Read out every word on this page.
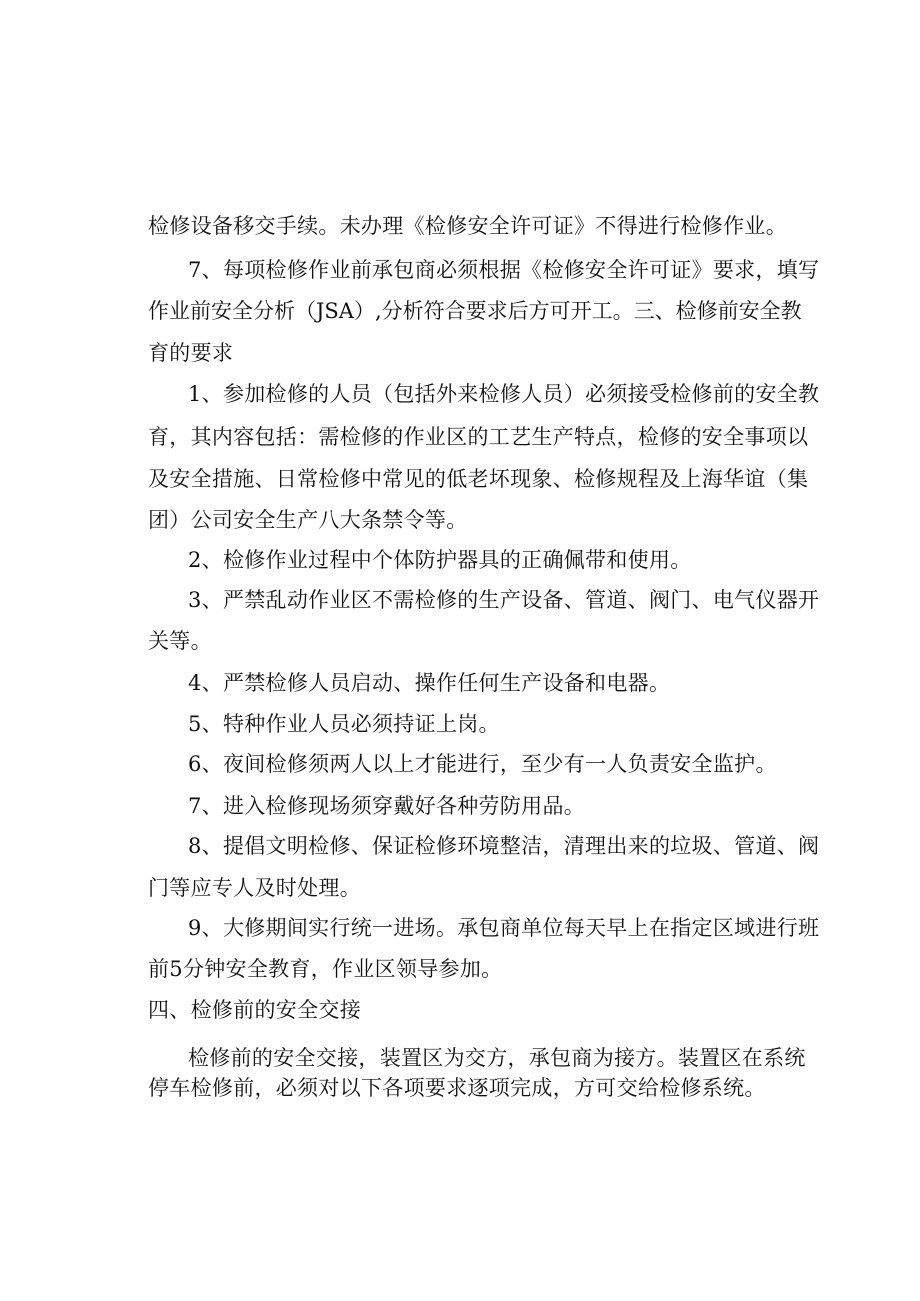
检修设备移交手续。未办理《检修安全许可证》不得进行检修作业。
7、每项检修作业前承包商必须根据《检修安全许可证》要求，填写
作业前安全分析（JSA）,分析符合要求后方可开工。三、检修前安全教
育的要求
1、参加检修的人员（包括外来检修人员）必须接受检修前的安全教
育，其内容包括：需检修的作业区的工艺生产特点，检修的安全事项以
及安全措施、日常检修中常见的低老坏现象、检修规程及上海华谊（集
团）公司安全生产八大条禁令等。
2、检修作业过程中个体防护器具的正确佩带和使用。
3、严禁乱动作业区不需检修的生产设备、管道、阀门、电气仪器开
关等。
4、严禁检修人员启动、操作任何生产设备和电器。
5、特种作业人员必须持证上岗。
6、夜间检修须两人以上才能进行，至少有一人负责安全监护。
7、进入检修现场须穿戴好各种劳防用品。
8、提倡文明检修、保证检修环境整洁，清理出来的垃圾、管道、阀
门等应专人及时处理。
9、大修期间实行统一进场。承包商单位每天早上在指定区域进行班
前5分钟安全教育，作业区领导参加。
四、检修前的安全交接
检修前的安全交接，装置区为交方，承包商为接方。装置区在系统
停车检修前，必须对以下各项要求逐项完成，方可交给检修系统。
